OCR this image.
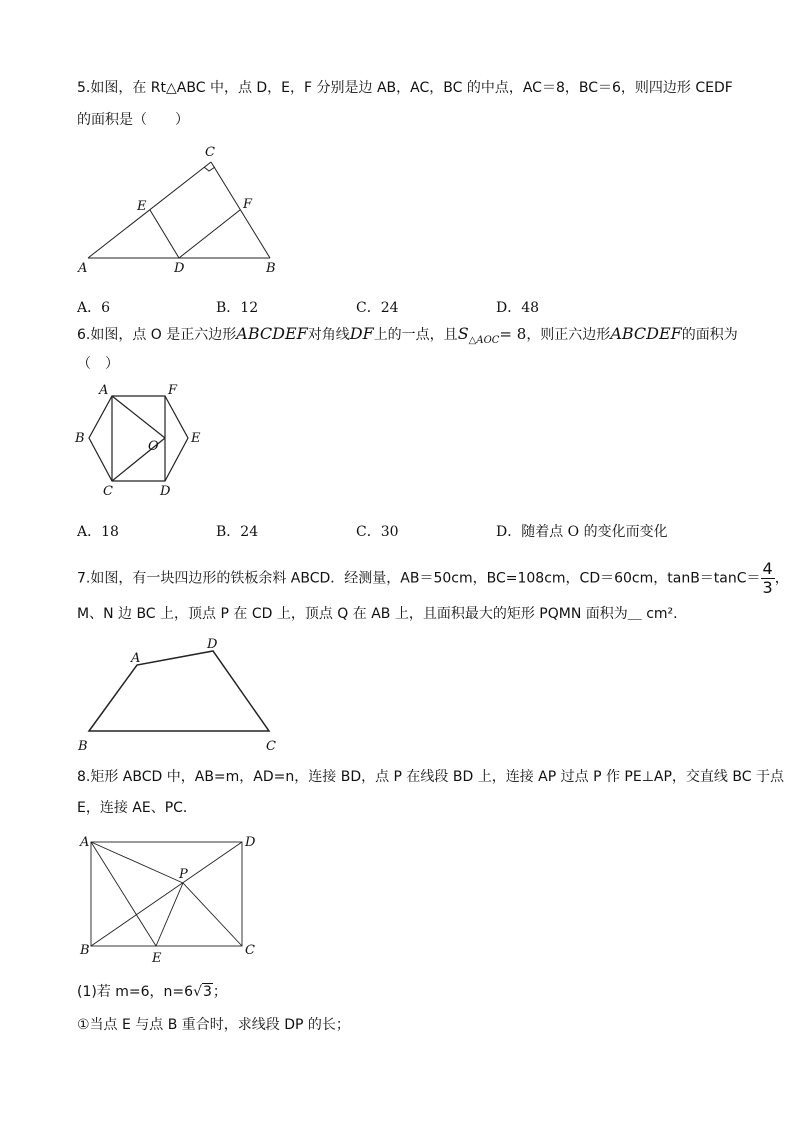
5.如图，在 Rt△ABC 中，点 D，E，F 分别是边 AB，AC，BC 的中点，AC＝8，BC＝6，则四边形 CEDF
的面积是（　　）
A	B
C
D
E	F
A．6	B．12	C．24	D．48
6.如图，点 O 是正六边形ABCDEF对角线DF上的一点，且$S_{\triangle AOC}= 8$，则正六边形ABCDEF的面积为
（　）
A	F
B	E
C	D
O
A．18	B．24	C．30	D．随着点 O 的变化而变化
7.如图，有一块四边形的铁板余料 ABCD．经测量，AB＝50cm，BC=108cm，CD＝60cm，$\tan B=\tan C= \frac{4}{3}$ ，
M、N 边 BC 上，顶点 P 在 CD 上，顶点 Q 在 AB 上，且面积最大的矩形 PQMN 面积为＿ cm².
B
A
D
C
8.矩形 ABCD 中，AB=m，AD=n，连接 BD，点 P 在线段 BD 上，连接 AP 过点 P 作 PE⊥AP，交直线 BC 于点
E，连接 AE、PC．
A	D
B	C
E
P
(1)若 m=6，n=6√3；
①当点 E 与点 B 重合时，求线段 DP 的长；
